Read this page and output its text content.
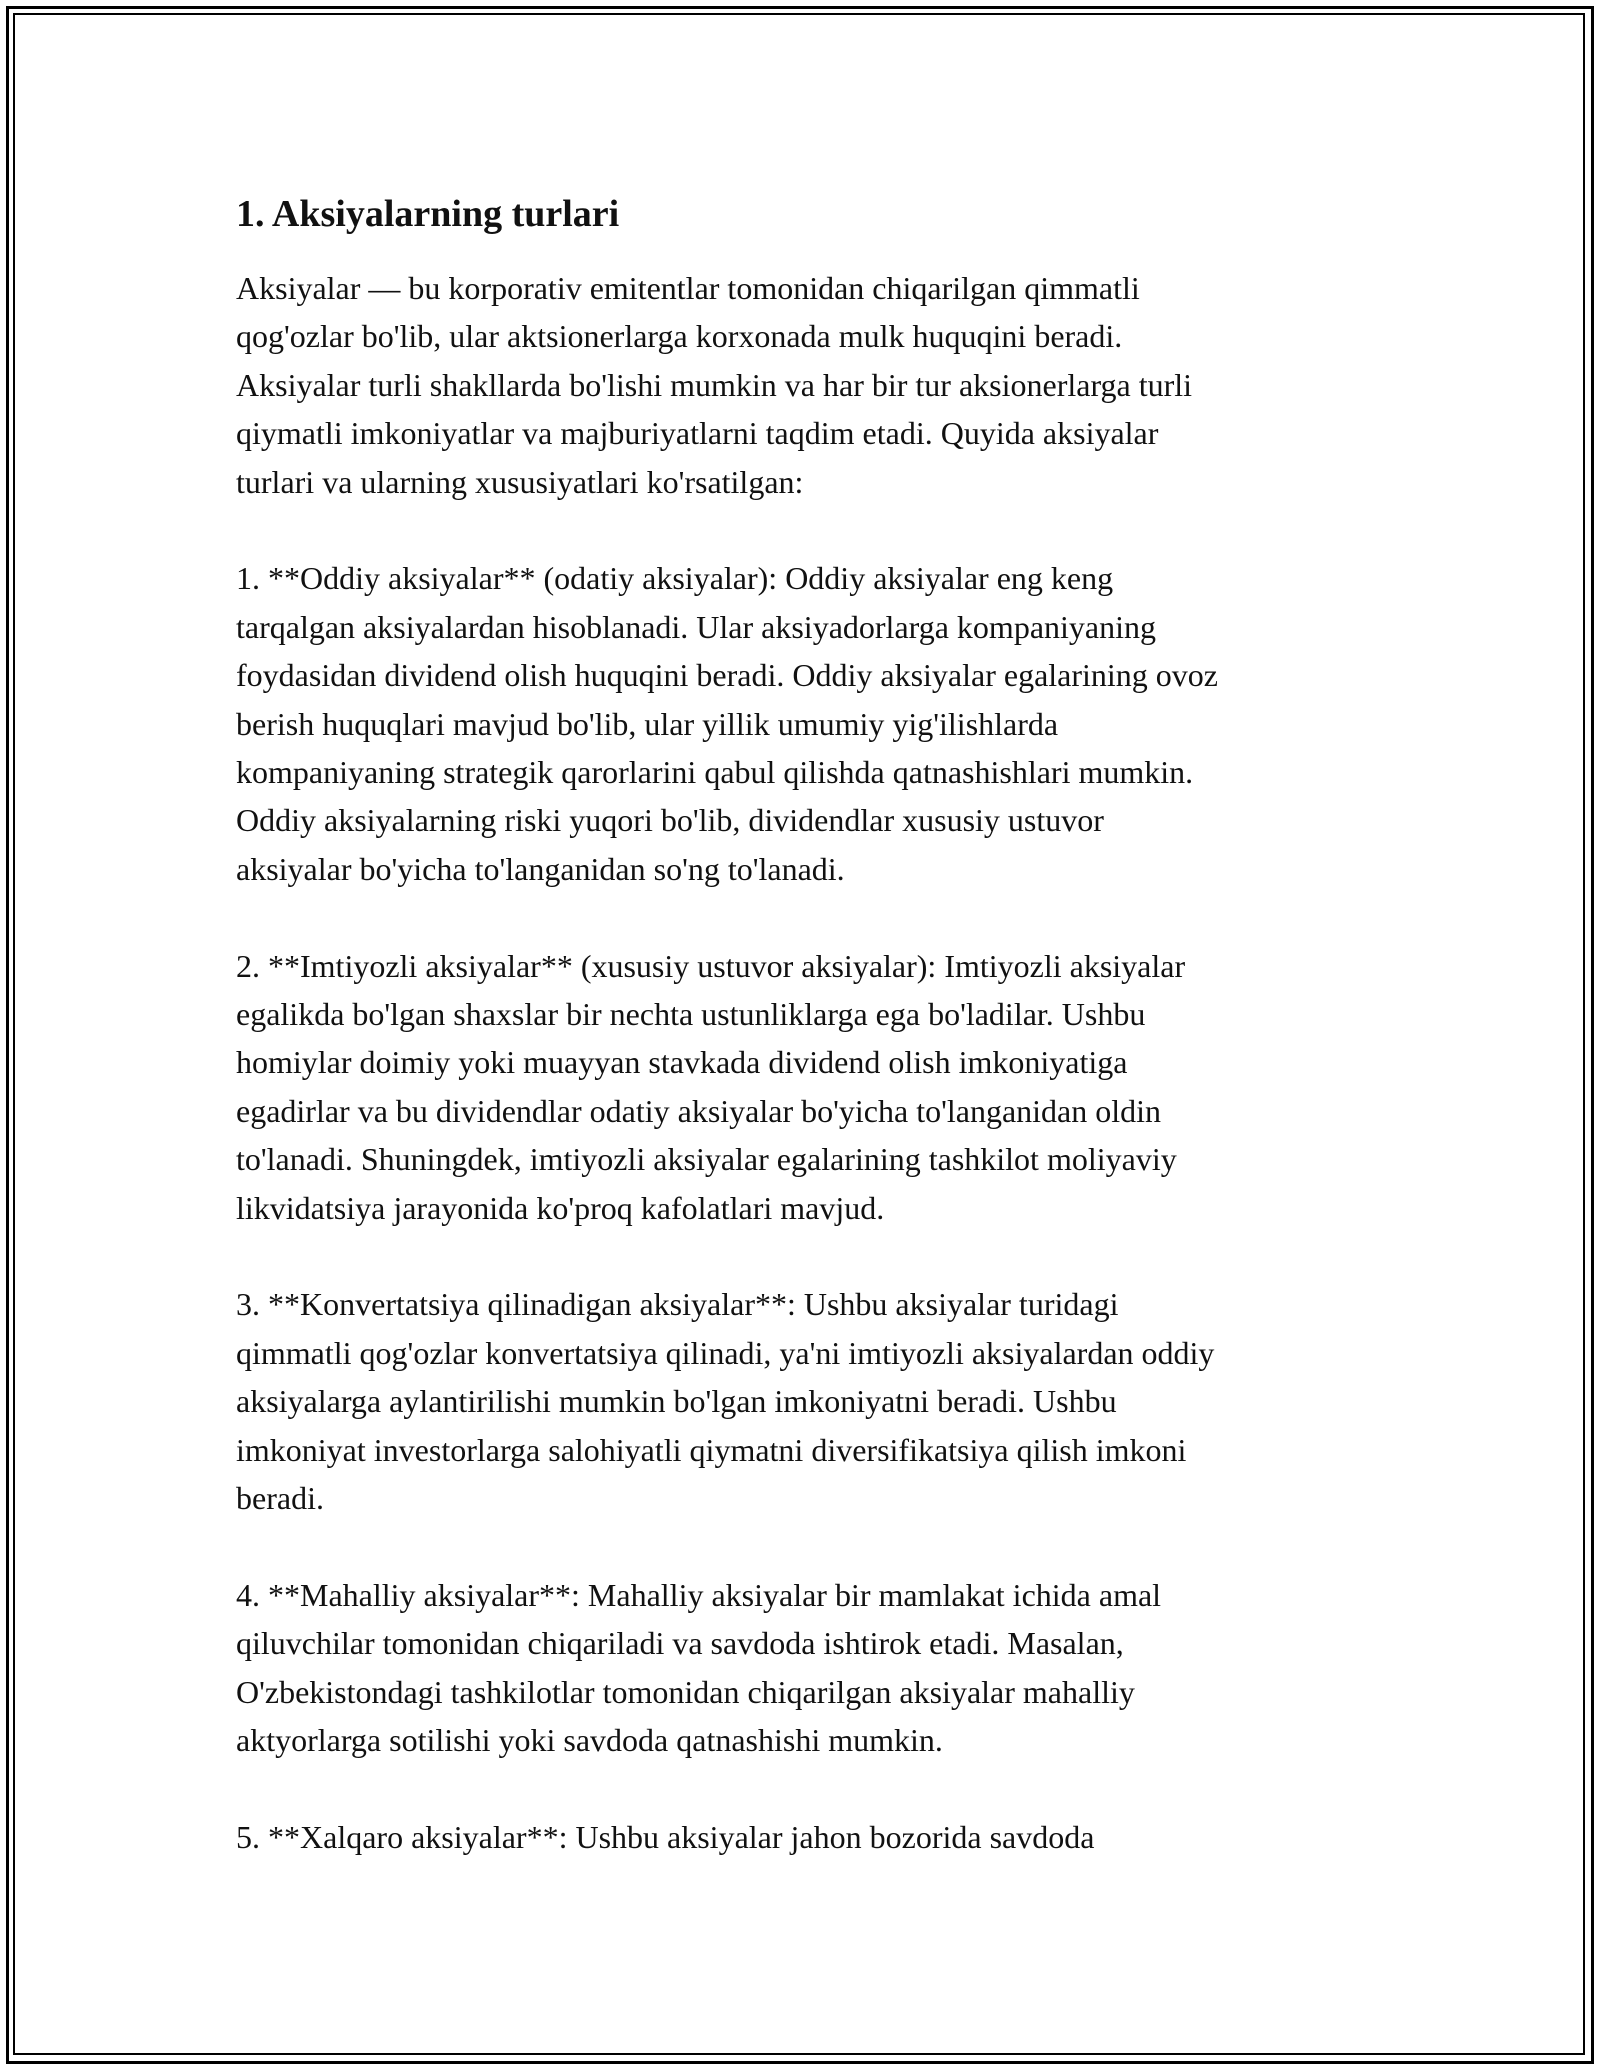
1. Aksiyalarning turlari
Aksiyalar — bu korporativ emitentlar tomonidan chiqarilgan qimmatli
qog'ozlar bo'lib, ular aktsionerlarga korxonada mulk huquqini beradi.
Aksiyalar turli shakllarda bo'lishi mumkin va har bir tur aksionerlarga turli
qiymatli imkoniyatlar va majburiyatlarni taqdim etadi. Quyida aksiyalar
turlari va ularning xususiyatlari ko'rsatilgan:
1. **Oddiy aksiyalar** (odatiy aksiyalar): Oddiy aksiyalar eng keng
tarqalgan aksiyalardan hisoblanadi. Ular aksiyadorlarga kompaniyaning
foydasidan dividend olish huquqini beradi. Oddiy aksiyalar egalarining ovoz
berish huquqlari mavjud bo'lib, ular yillik umumiy yig'ilishlarda
kompaniyaning strategik qarorlarini qabul qilishda qatnashishlari mumkin.
Oddiy aksiyalarning riski yuqori bo'lib, dividendlar xususiy ustuvor
aksiyalar bo'yicha to'langanidan so'ng to'lanadi.
2. **Imtiyozli aksiyalar** (xususiy ustuvor aksiyalar): Imtiyozli aksiyalar
egalikda bo'lgan shaxslar bir nechta ustunliklarga ega bo'ladilar. Ushbu
homiylar doimiy yoki muayyan stavkada dividend olish imkoniyatiga
egadirlar va bu dividendlar odatiy aksiyalar bo'yicha to'langanidan oldin
to'lanadi. Shuningdek, imtiyozli aksiyalar egalarining tashkilot moliyaviy
likvidatsiya jarayonida ko'proq kafolatlari mavjud.
3. **Konvertatsiya qilinadigan aksiyalar**: Ushbu aksiyalar turidagi
qimmatli qog'ozlar konvertatsiya qilinadi, ya'ni imtiyozli aksiyalardan oddiy
aksiyalarga aylantirilishi mumkin bo'lgan imkoniyatni beradi. Ushbu
imkoniyat investorlarga salohiyatli qiymatni diversifikatsiya qilish imkoni
beradi.
4. **Mahalliy aksiyalar**: Mahalliy aksiyalar bir mamlakat ichida amal
qiluvchilar tomonidan chiqariladi va savdoda ishtirok etadi. Masalan,
O'zbekistondagi tashkilotlar tomonidan chiqarilgan aksiyalar mahalliy
aktyorlarga sotilishi yoki savdoda qatnashishi mumkin.
5. **Xalqaro aksiyalar**: Ushbu aksiyalar jahon bozorida savdoda
